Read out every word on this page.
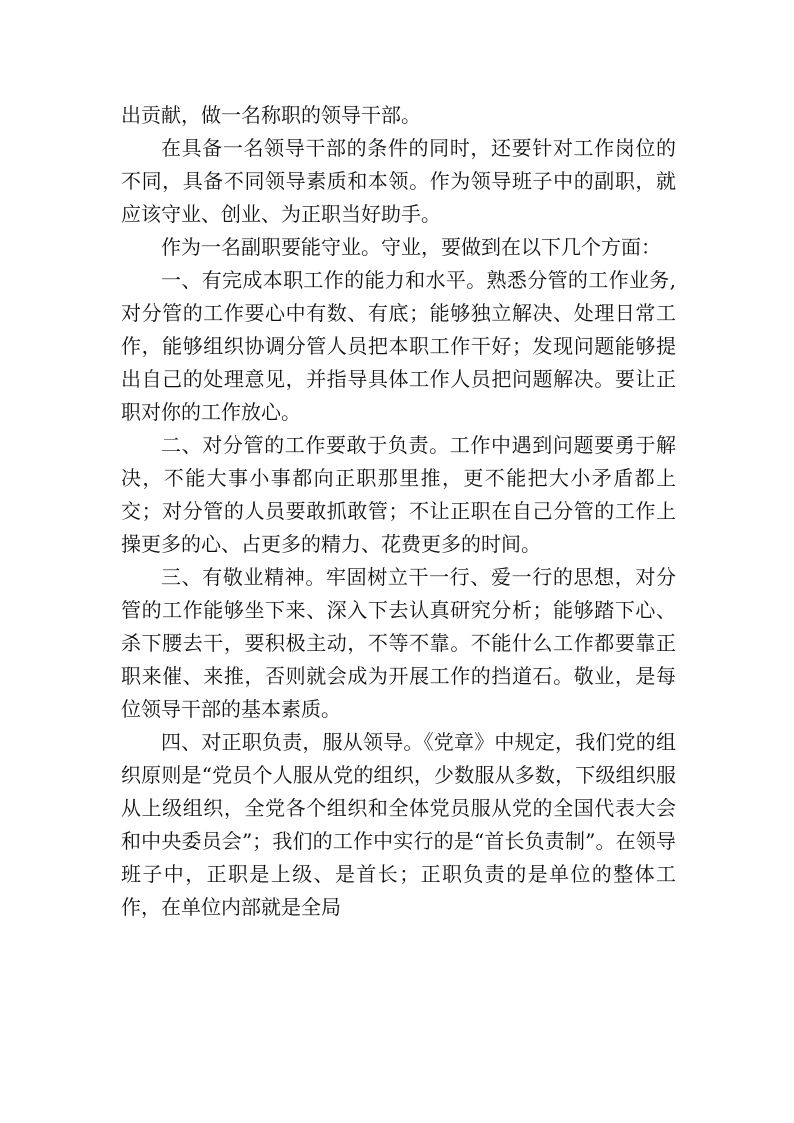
出贡献，做一名称职的领导干部。

在具备一名领导干部的条件的同时，还要针对工作岗位的不同，具备不同领导素质和本领。作为领导班子中的副职，就应该守业、创业、为正职当好助手。

作为一名副职要能守业。守业，要做到在以下几个方面：

一、有完成本职工作的能力和水平。熟悉分管的工作业务,对分管的工作要心中有数、有底；能够独立解决、处理日常工作，能够组织协调分管人员把本职工作干好；发现问题能够提出自己的处理意见，并指导具体工作人员把问题解决。要让正职对你的工作放心。

二、对分管的工作要敢于负责。工作中遇到问题要勇于解决，不能大事小事都向正职那里推，更不能把大小矛盾都上交；对分管的人员要敢抓敢管；不让正职在自己分管的工作上操更多的心、占更多的精力、花费更多的时间。

三、有敬业精神。牢固树立干一行、爱一行的思想，对分管的工作能够坐下来、深入下去认真研究分析；能够踏下心、杀下腰去干，要积极主动，不等不靠。不能什么工作都要靠正职来催、来推，否则就会成为开展工作的挡道石。敬业，是每位领导干部的基本素质。

四、对正职负责，服从领导。《党章》中规定，我们党的组织原则是“党员个人服从党的组织，少数服从多数，下级组织服从上级组织，全党各个组织和全体党员服从党的全国代表大会和中央委员会”；我们的工作中实行的是“首长负责制”。在领导班子中，正职是上级、是首长；正职负责的是单位的整体工作，在单位内部就是全局
